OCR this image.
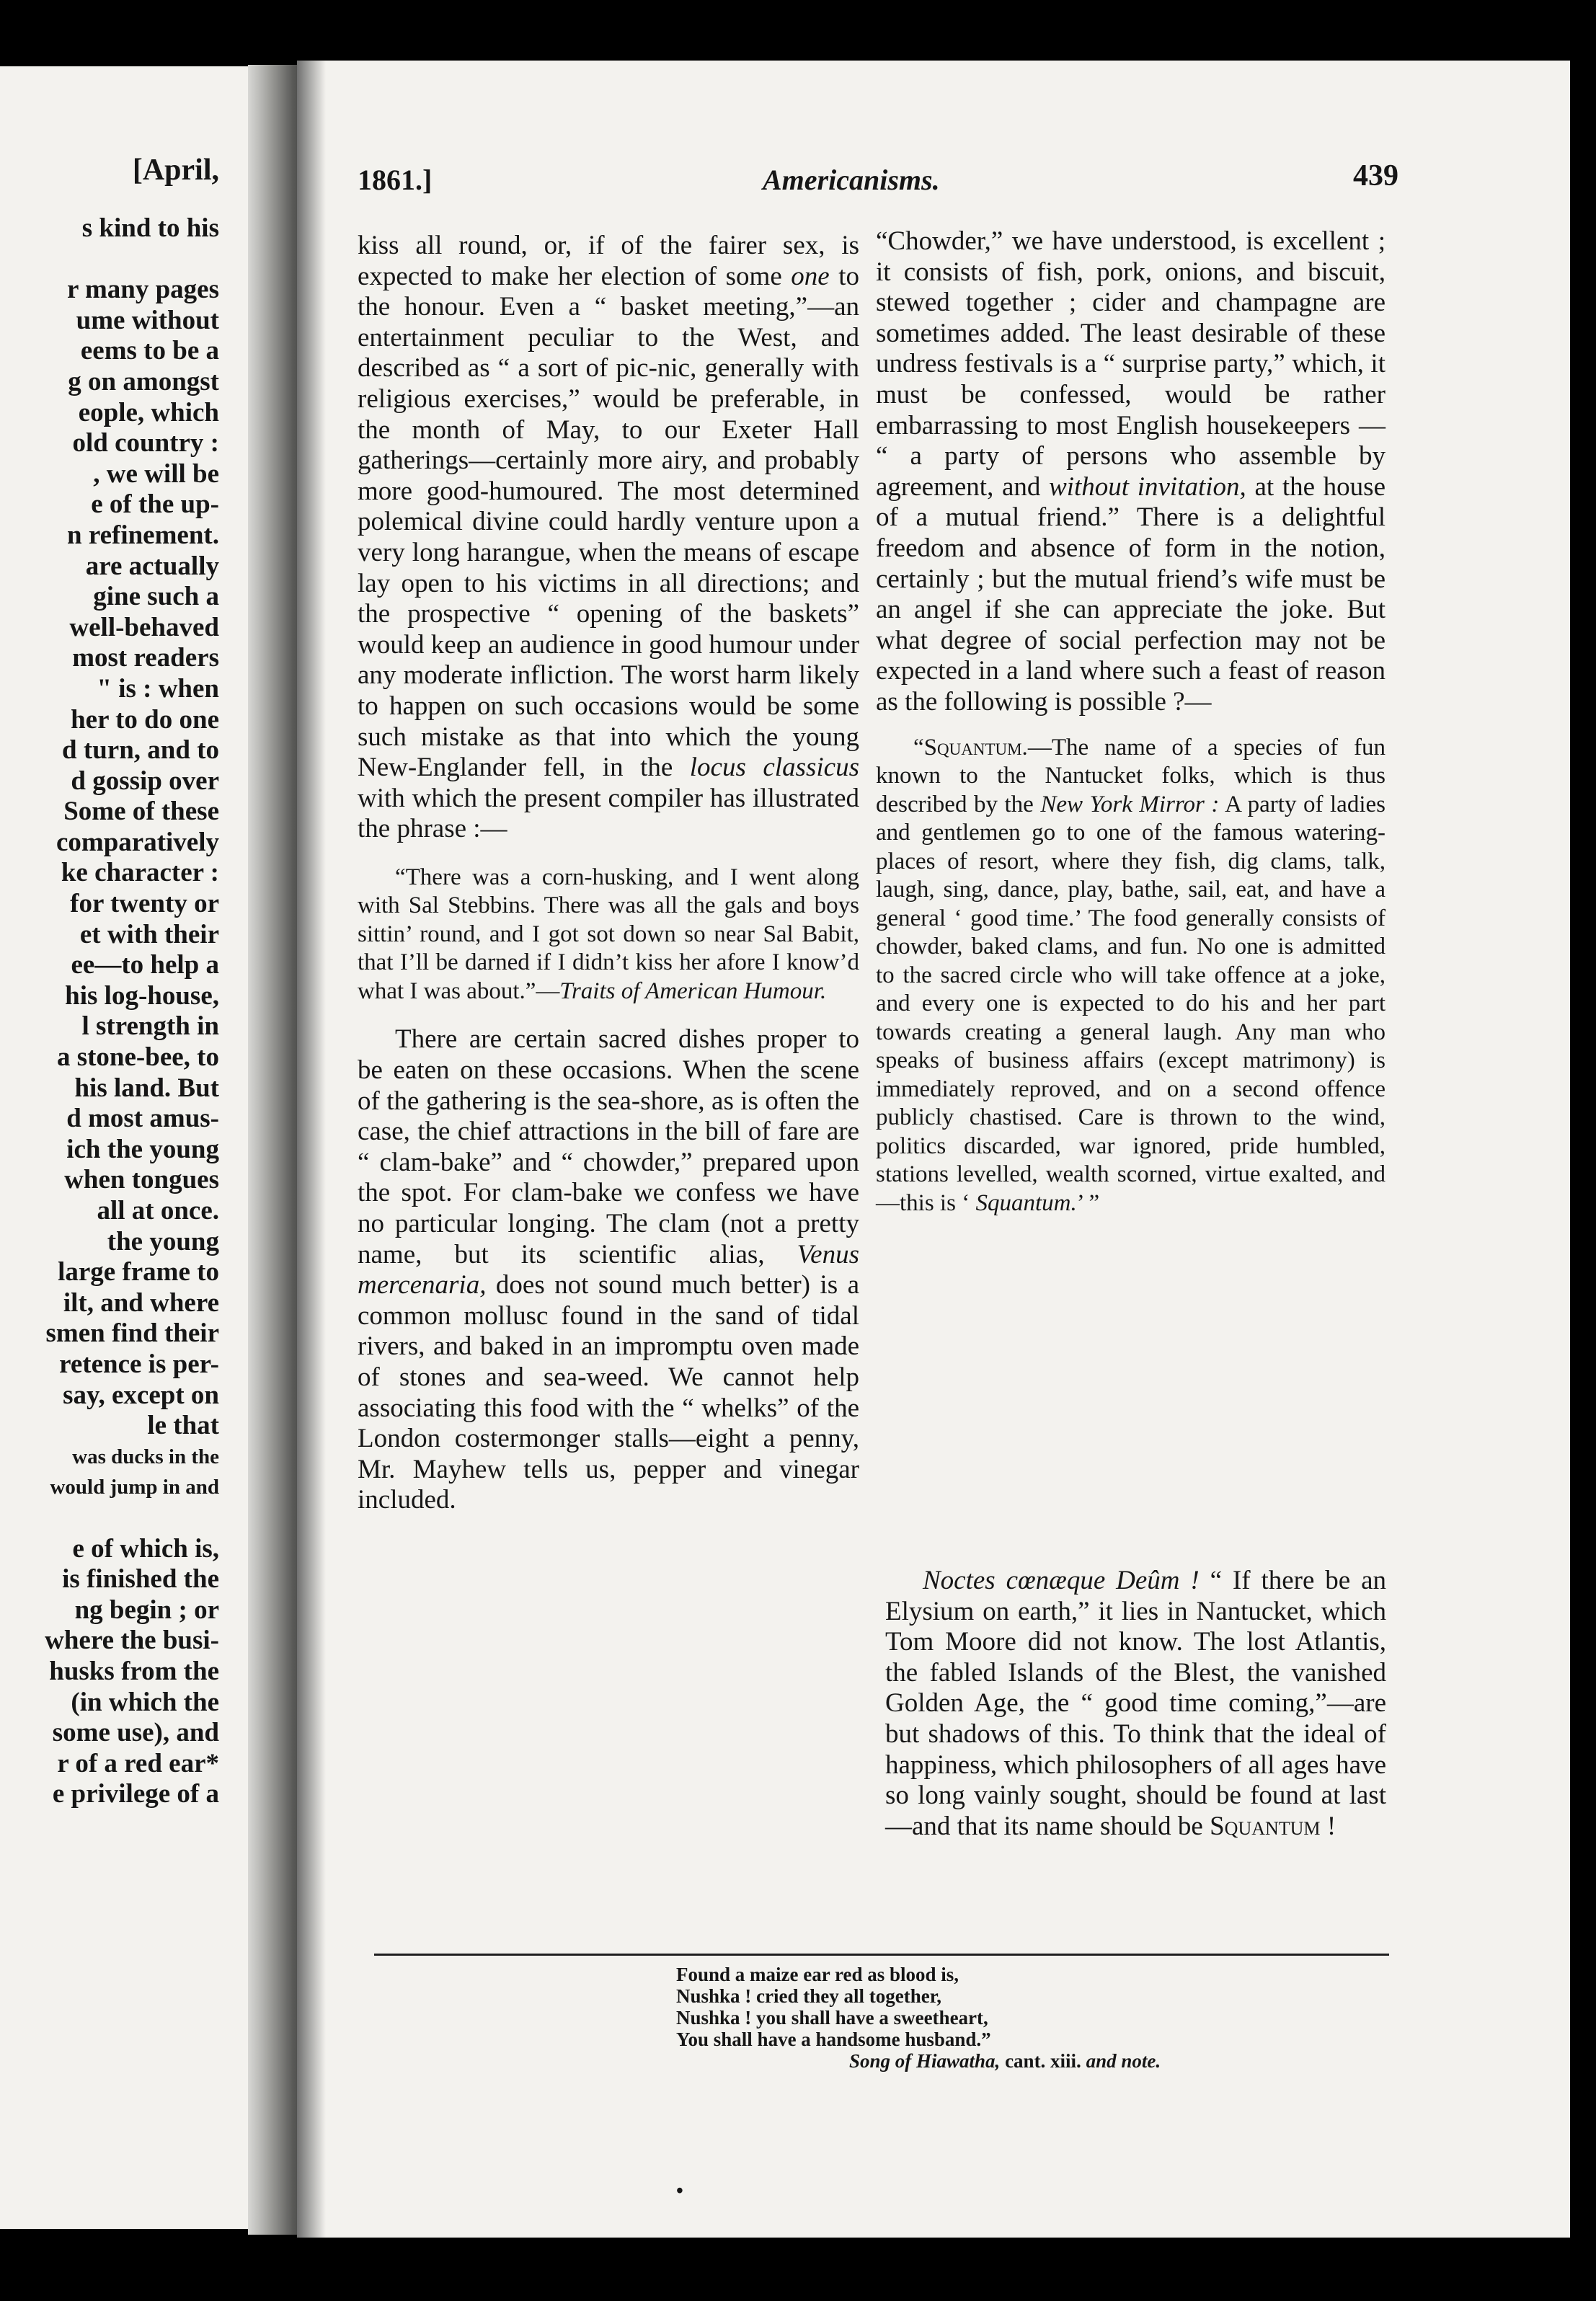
[April,
s kind to his

r many pages
ume without
eems to be a
g on amongst
eople, which
old country :
, we will be
e of the up-
n refinement.
are actually
gine such a
well-behaved
most readers
" is : when
her to do one
d turn, and to
d gossip over
Some of these
comparatively
ke character :
for twenty or
et with their
ee—to help a
his log-house,
l strength in
a stone-bee, to
his land. But
d most amus-
ich the young
when tongues
all at once.
the young
large frame to
ilt, and where
smen find their
retence is per-
say, except on
le that
was ducks in the
would jump in and

e of which is,
is finished the
ng begin ; or
where the busi-
husks from the
(in which the
some use), and
r of a red ear*
e privilege of a
1861.]	Americanisms.	439

kiss all round, or, if of the fairer sex, is expected to make her election of some one to the honour. Even a “ basket meeting,”—an entertainment peculiar to the West, and described as “ a sort of pic-nic, generally with religious exercises,” would be preferable, in the month of May, to our Exeter Hall gatherings—certainly more airy, and probably more good-humoured. The most determined polemical divine could hardly venture upon a very long harangue, when the means of escape lay open to his victims in all directions; and the prospective “ opening of the baskets” would keep an audience in good humour under any moderate infliction. The worst harm likely to happen on such occasions would be some such mistake as that into which the young New-Englander fell, in the locus classicus with which the present compiler has illustrated the phrase :—

“There was a corn-husking, and I went along with Sal Stebbins. There was all the gals and boys sittin’ round, and I got sot down so near Sal Babit, that I’ll be darned if I didn’t kiss her afore I know’d what I was about.”—Traits of American Humour.

There are certain sacred dishes proper to be eaten on these occasions. When the scene of the gathering is the sea-shore, as is often the case, the chief attractions in the bill of fare are “ clam-bake” and “ chowder,” prepared upon the spot. For clam-bake we confess we have no particular longing. The clam (not a pretty name, but its scientific alias, Venus mercenaria, does not sound much better) is a common mollusc found in the sand of tidal rivers, and baked in an impromptu oven made of stones and sea-weed. We cannot help associating this food with the “ whelks” of the London costermonger stalls—eight a penny, Mr. Mayhew tells us, pepper and vinegar included.

“Chowder,” we have understood, is excellent ; it consists of fish, pork, onions, and biscuit, stewed together ; cider and champagne are sometimes added. The least desirable of these undress festivals is a “ surprise party,” which, it must be confessed, would be rather embarrassing to most English housekeepers — “ a party of persons who assemble by agreement, and without invitation, at the house of a mutual friend.” There is a delightful freedom and absence of form in the notion, certainly ; but the mutual friend’s wife must be an angel if she can appreciate the joke. But what degree of social perfection may not be expected in a land where such a feast of reason as the following is possible ?—

“Squantum.—The name of a species of fun known to the Nantucket folks, which is thus described by the New York Mirror : A party of ladies and gentlemen go to one of the famous watering-places of resort, where they fish, dig clams, talk, laugh, sing, dance, play, bathe, sail, eat, and have a general ‘ good time.’ The food generally consists of chowder, baked clams, and fun. No one is admitted to the sacred circle who will take offence at a joke, and every one is expected to do his and her part towards creating a general laugh. Any man who speaks of business affairs (except matrimony) is immediately reproved, and on a second offence publicly chastised. Care is thrown to the wind, politics discarded, war ignored, pride humbled, stations levelled, wealth scorned, virtue exalted, and—this is ‘ Squantum.’ ”

Noctes cœnæque Deûm ! “ If there be an Elysium on earth,” it lies in Nantucket, which Tom Moore did not know. The lost Atlantis, the fabled Islands of the Blest, the vanished Golden Age, the “ good time coming,”—are but shadows of this. To think that the ideal of happiness, which philosophers of all ages have so long vainly sought, should be found at last—and that its name should be Squantum !

Found a maize ear red as blood is,
Nushka ! cried they all together,
Nushka ! you shall have a sweetheart,
You shall have a handsome husband.”
Song of Hiawatha, cant. xiii. and note.
•
